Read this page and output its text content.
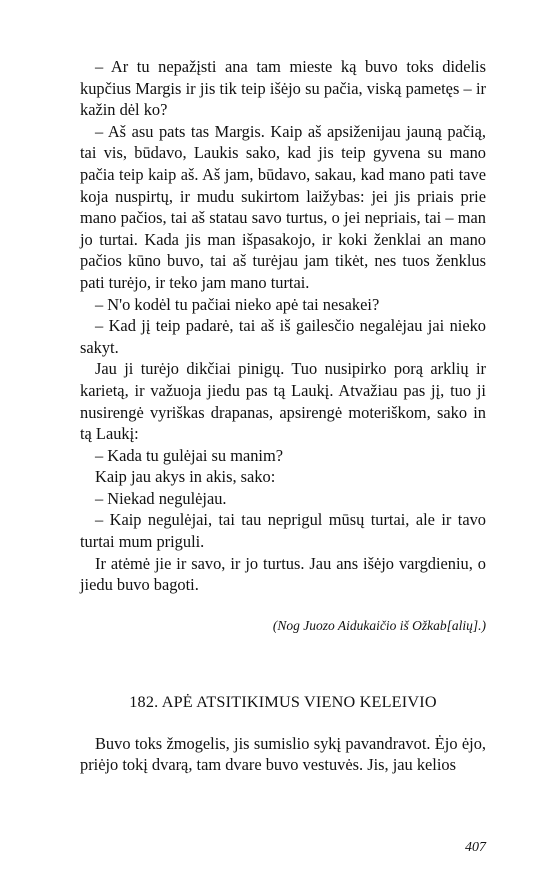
– Ar tu nepažįsti ana tam mieste ką buvo toks didelis kupčius Margis ir jis tik teip išėjo su pačia, viską pametęs – ir kažin dėl ko?

– Aš asu pats tas Margis. Kaip aš apsiženijau jauną pačią, tai vis, būdavo, Laukis sako, kad jis teip gyvena su mano pačia teip kaip aš. Aš jam, būdavo, sakau, kad mano pati tave koja nuspirtų, ir mudu sukirtom laižybas: jei jis priais prie mano pačios, tai aš statau savo turtus, o jei nepriais, tai – man jo turtai. Kada jis man išpasakojo, ir koki ženklai an mano pačios kūno buvo, tai aš turėjau jam tikėt, nes tuos ženklus pati turėjo, ir teko jam mano turtai.

– N'o kodėl tu pačiai nieko apė tai nesakei?

– Kad jį teip padarė, tai aš iš gailesčio negalėjau jai nieko sakyt.

Jau ji turėjo dikčiai pinigų. Tuo nusipirko porą arklių ir karietą, ir važuoja jiedu pas tą Laukį. Atvažiau pas jį, tuo ji nusirengė vyriškas drapanas, apsirengė moteriškom, sako in tą Laukį:

– Kada tu gulėjai su manim?

Kaip jau akys in akis, sako:

– Niekad negulėjau.

– Kaip negulėjai, tai tau neprigul mūsų turtai, ale ir tavo turtai mum priguli.

Ir atėmė jie ir savo, ir jo turtus. Jau ans išėjo vargdieniu, o jiedu buvo bagoti.

(Nog Juozo Aidukaičio iš Ožkab[alių].)
182. APĖ ATSITIKIMUS VIENO KELEIVIO

Buvo toks žmogelis, jis sumislio sykį pavandravot. Ėjo ėjo, priėjo tokį dvarą, tam dvare buvo vestuvės. Jis, jau kelios

407
